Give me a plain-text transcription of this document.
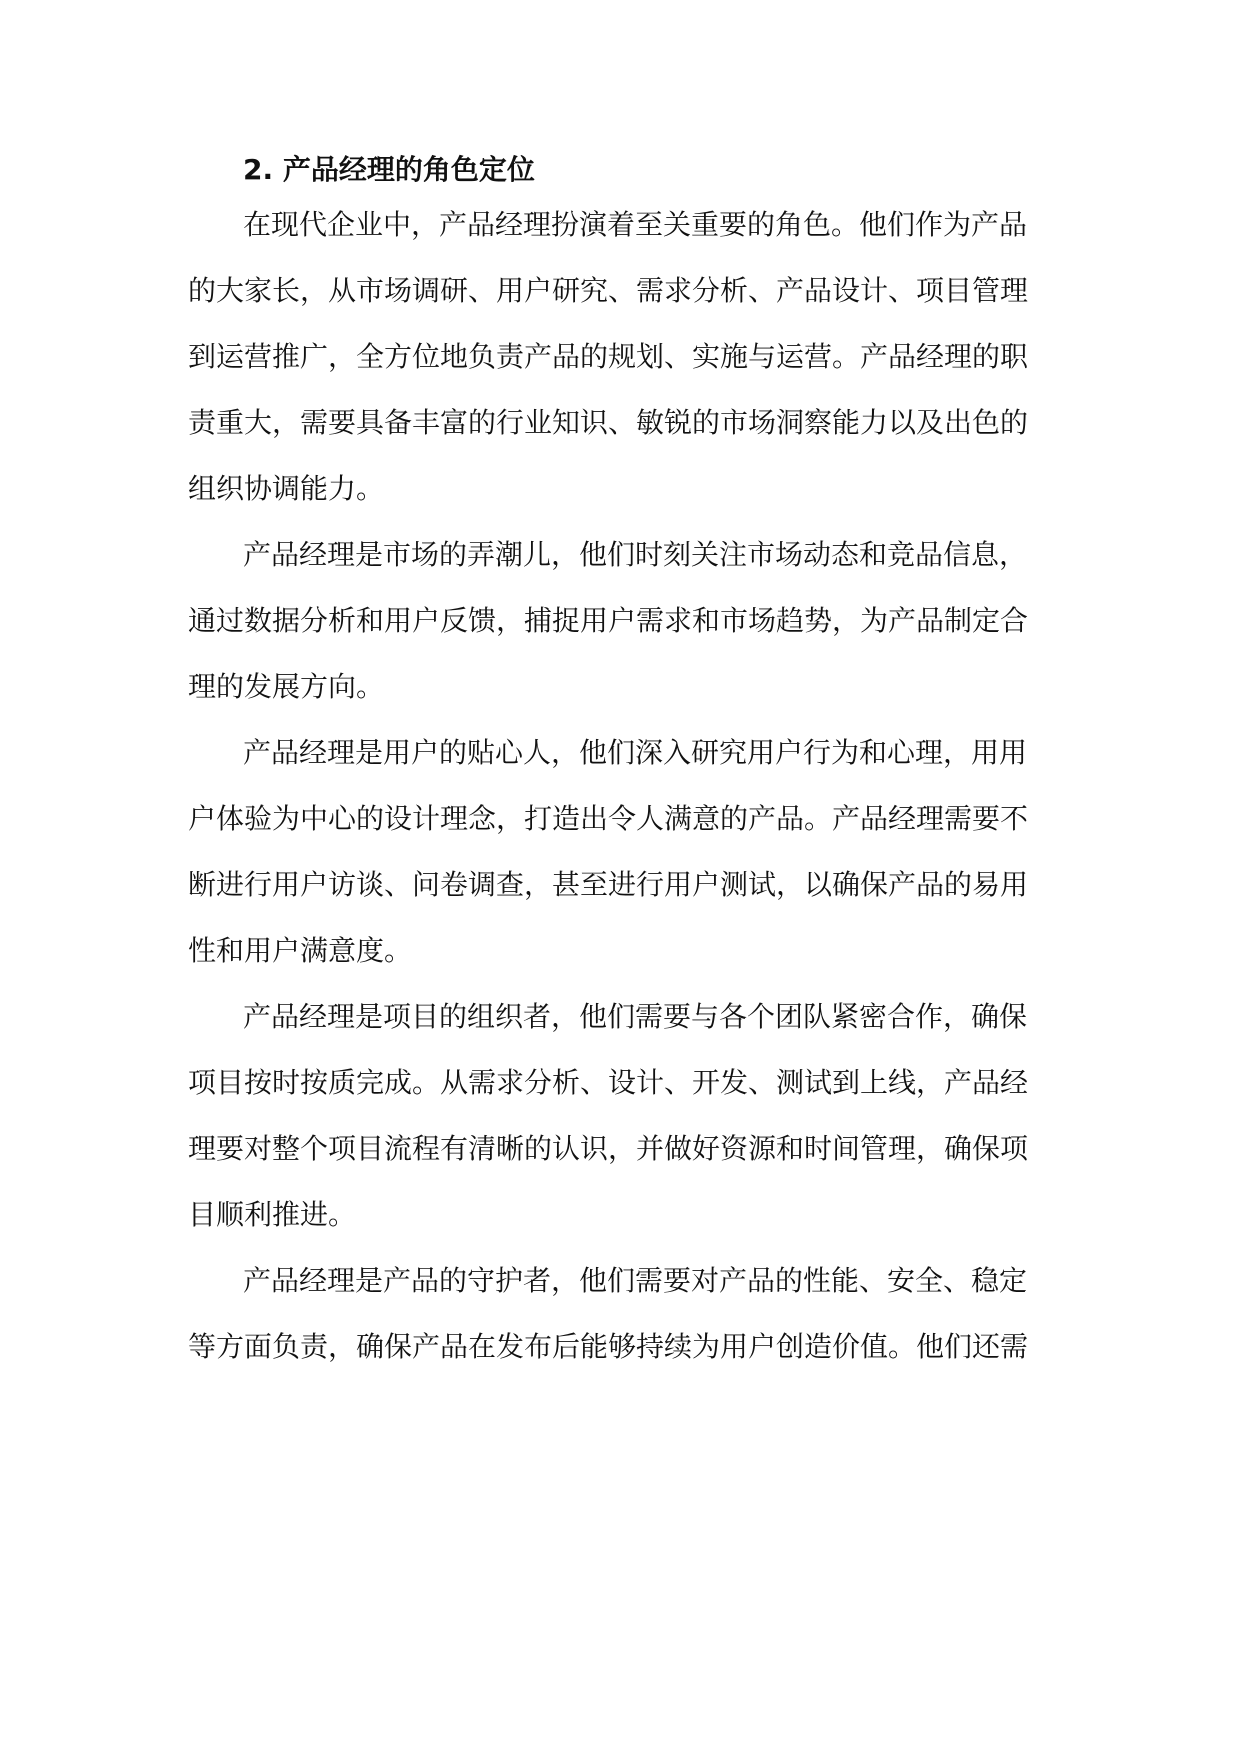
2. 产品经理的角色定位

在现代企业中，产品经理扮演着至关重要的角色。他们作为产品

的大家长，从市场调研、用户研究、需求分析、产品设计、项目管理

到运营推广，全方位地负责产品的规划、实施与运营。产品经理的职

责重大，需要具备丰富的行业知识、敏锐的市场洞察能力以及出色的

组织协调能力。

产品经理是市场的弄潮儿，他们时刻关注市场动态和竞品信息，

通过数据分析和用户反馈，捕捉用户需求和市场趋势，为产品制定合

理的发展方向。

产品经理是用户的贴心人，他们深入研究用户行为和心理，用用

户体验为中心的设计理念，打造出令人满意的产品。产品经理需要不

断进行用户访谈、问卷调查，甚至进行用户测试，以确保产品的易用

性和用户满意度。

产品经理是项目的组织者，他们需要与各个团队紧密合作，确保

项目按时按质完成。从需求分析、设计、开发、测试到上线，产品经

理要对整个项目流程有清晰的认识，并做好资源和时间管理，确保项

目顺利推进。

产品经理是产品的守护者，他们需要对产品的性能、安全、稳定

等方面负责，确保产品在发布后能够持续为用户创造价值。他们还需
